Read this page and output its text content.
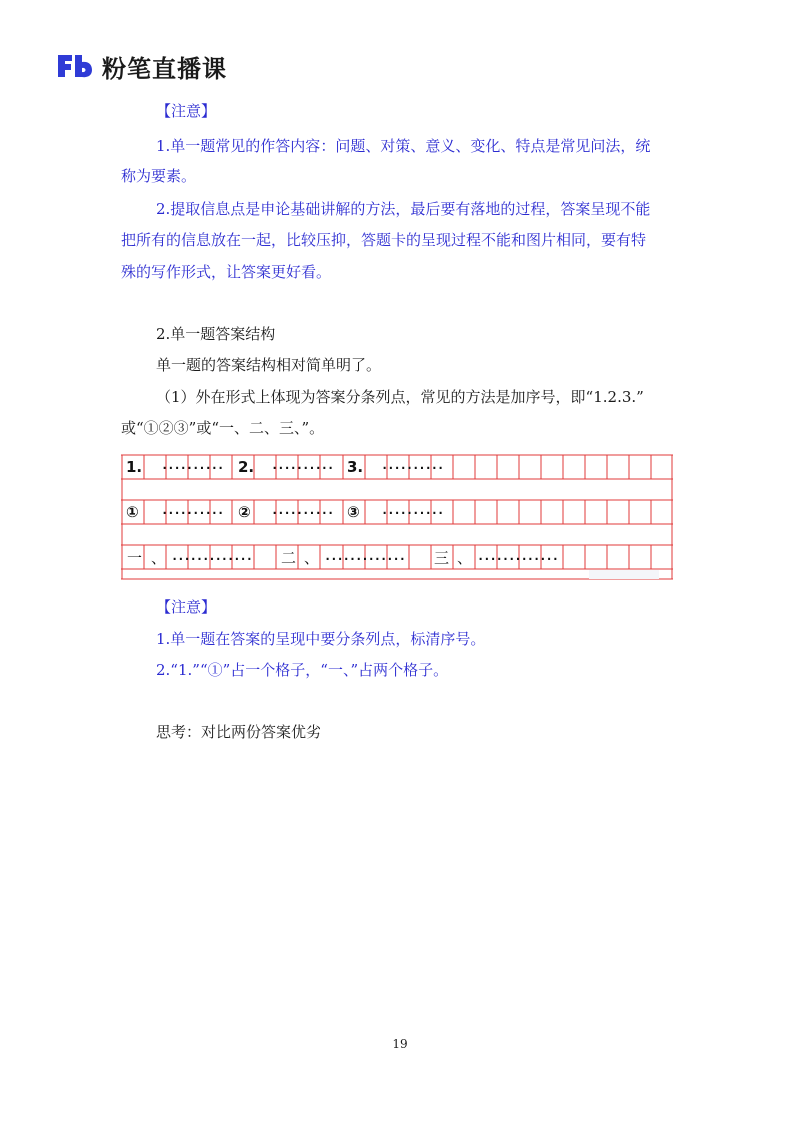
粉笔直播课
【注意】
1.单一题常见的作答内容：问题、对策、意义、变化、特点是常见问法，统
称为要素。
2.提取信息点是申论基础讲解的方法，最后要有落地的过程，答案呈现不能
把所有的信息放在一起，比较压抑，答题卡的呈现过程不能和图片相同，要有特
殊的写作形式，让答案更好看。
2.单一题答案结构
单一题的答案结构相对简单明了。
（1）外在形式上体现为答案分条列点，常见的方法是加序号，即“1.2.3.”
或“①②③”或“一、二、三、”。
1. ·········· 2. ·········· 3. ··········
① ·········· ② ·········· ③ ··········
一 、 ············· 二 、 ············· 三 、 ·············
【注意】
1.单一题在答案的呈现中要分条列点，标清序号。
2.“1.”“①”占一个格子，“一、”占两个格子。
思考：对比两份答案优劣
19
